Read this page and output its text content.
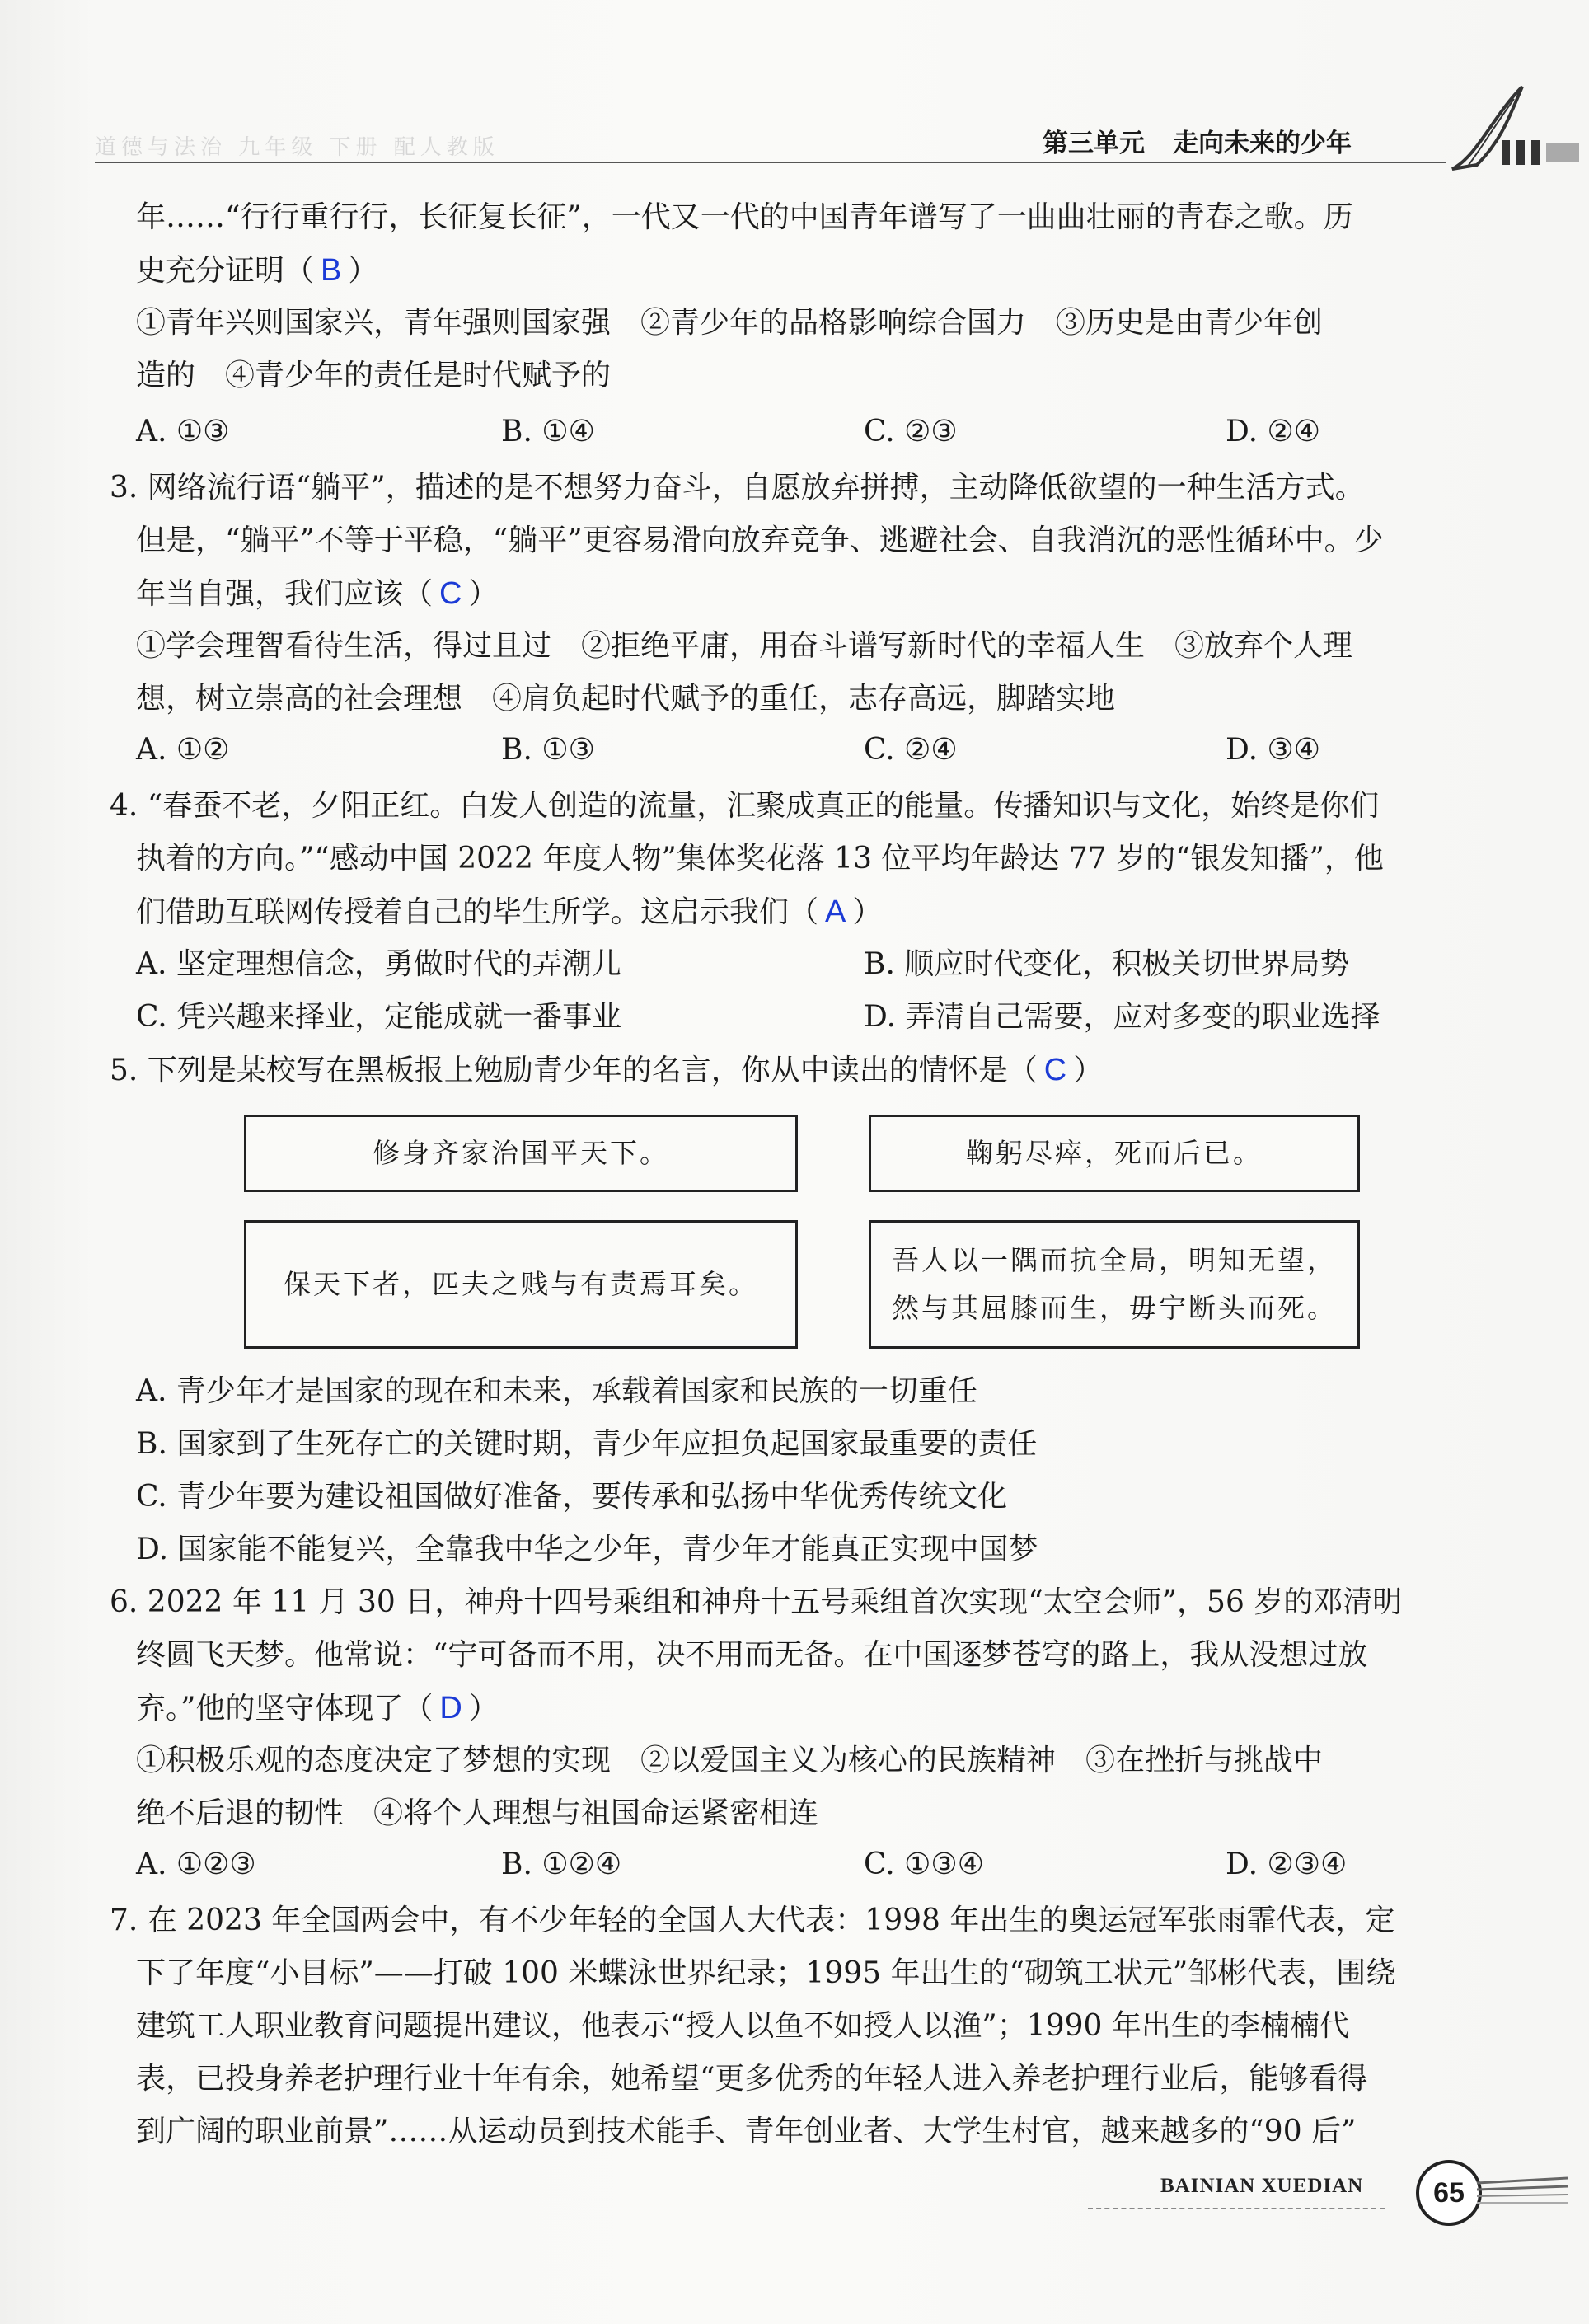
道德与法治 九年级 下册 配人教版	第三单元 走向未来的少年
年……“行行重行行，长征复长征”，一代又一代的中国青年谱写了一曲曲壮丽的青春之歌。历
史充分证明（ B ）
①青年兴则国家兴，青年强则国家强　②青少年的品格影响综合国力　③历史是由青少年创
造的　④青少年的责任是时代赋予的
A. ①③	B. ①④	C. ②③	D. ②④
3. 网络流行语“躺平”，描述的是不想努力奋斗，自愿放弃拼搏，主动降低欲望的一种生活方式。
但是，“躺平”不等于平稳，“躺平”更容易滑向放弃竞争、逃避社会、自我消沉的恶性循环中。少
年当自强，我们应该（ C ）
①学会理智看待生活，得过且过　②拒绝平庸，用奋斗谱写新时代的幸福人生　③放弃个人理
想，树立崇高的社会理想　④肩负起时代赋予的重任，志存高远，脚踏实地
A. ①②	B. ①③	C. ②④	D. ③④
4. “春蚕不老，夕阳正红。白发人创造的流量，汇聚成真正的能量。传播知识与文化，始终是你们
执着的方向。”“感动中国 2022 年度人物”集体奖花落 13 位平均年龄达 77 岁的“银发知播”，他
们借助互联网传授着自己的毕生所学。这启示我们（ A ）
A. 坚定理想信念，勇做时代的弄潮儿	B. 顺应时代变化，积极关切世界局势
C. 凭兴趣来择业，定能成就一番事业	D. 弄清自己需要，应对多变的职业选择
5. 下列是某校写在黑板报上勉励青少年的名言，你从中读出的情怀是（ C ）
修身齐家治国平天下。	鞠躬尽瘁，死而后已。
保天下者，匹夫之贱与有责焉耳矣。
吾人以一隅而抗全局，明知无望，
然与其屈膝而生，毋宁断头而死。
A. 青少年才是国家的现在和未来，承载着国家和民族的一切重任
B. 国家到了生死存亡的关键时期，青少年应担负起国家最重要的责任
C. 青少年要为建设祖国做好准备，要传承和弘扬中华优秀传统文化
D. 国家能不能复兴，全靠我中华之少年，青少年才能真正实现中国梦
6. 2022 年 11 月 30 日，神舟十四号乘组和神舟十五号乘组首次实现“太空会师”，56 岁的邓清明
终圆飞天梦。他常说：“宁可备而不用，决不用而无备。在中国逐梦苍穹的路上，我从没想过放
弃。”他的坚守体现了（ D ）
①积极乐观的态度决定了梦想的实现　②以爱国主义为核心的民族精神　③在挫折与挑战中
绝不后退的韧性　④将个人理想与祖国命运紧密相连
A. ①②③	B. ①②④	C. ①③④	D. ②③④
7. 在 2023 年全国两会中，有不少年轻的全国人大代表：1998 年出生的奥运冠军张雨霏代表，定
下了年度“小目标”——打破 100 米蝶泳世界纪录；1995 年出生的“砌筑工状元”邹彬代表，围绕
建筑工人职业教育问题提出建议，他表示“授人以鱼不如授人以渔”；1990 年出生的李楠楠代
表，已投身养老护理行业十年有余，她希望“更多优秀的年轻人进入养老护理行业后，能够看得
到广阔的职业前景”……从运动员到技术能手、青年创业者、大学生村官，越来越多的“90 后”
BAINIAN XUEDIAN	65
